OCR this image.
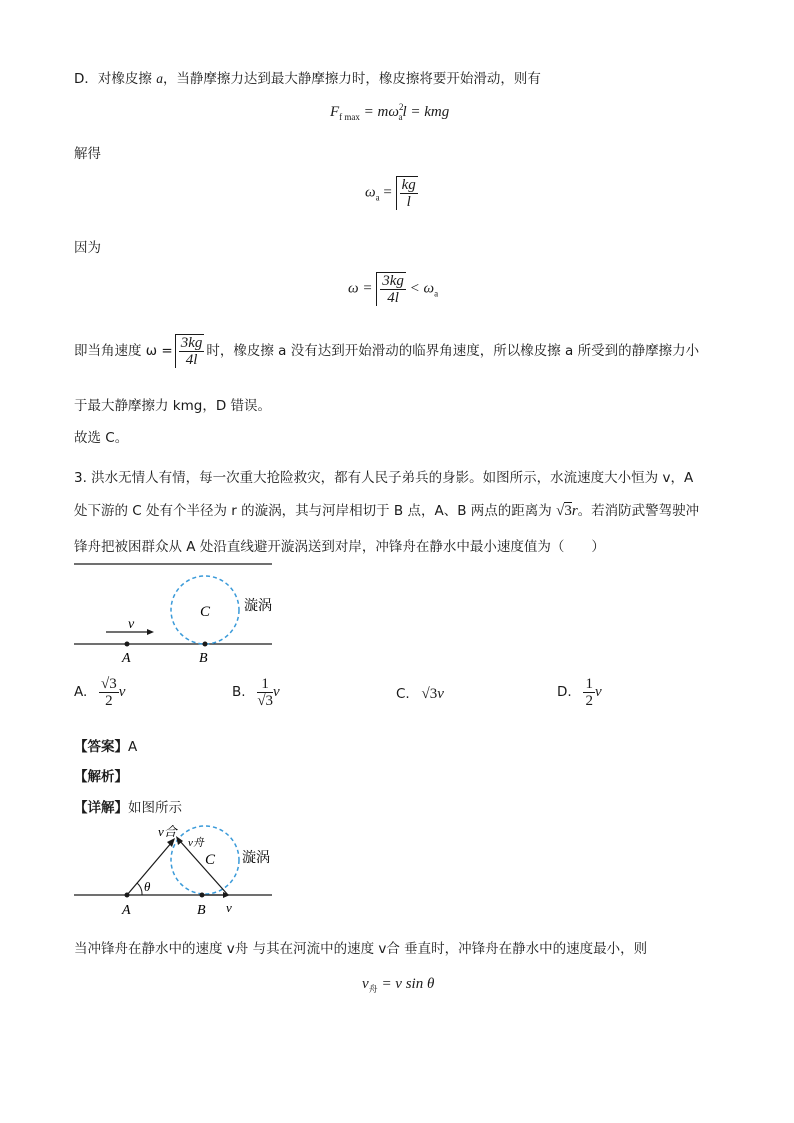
D．对橡皮擦 a，当静摩擦力达到最大静摩擦力时，橡皮擦将要开始滑动，则有
$F_{f max} = m\omega^2_al$ = kmg
解得
$\omega_a = \frac{kg}{l}$
因为
$\omega = \frac{3kg}{4l} < \omega_a$
即当角速度 $\omega = \frac{3kg}{4l}$ 时，橡皮擦 a 没有达到开始滑动的临界角速度，所以橡皮擦 a 所受到的静摩擦力小
于最大静摩擦力 kmg，D 错误。
故选 C。
3. 洪水无情人有情，每一次重大抢险救灾，都有人民子弟兵的身影。如图所示，水流速度大小恒为 v，A
处下游的 C 处有个半径为 r 的漩涡，其与河岸相切于 B 点，A、B 两点的距离为 √3r。若消防武警驾驶冲
锋舟把被困群众从 A 处沿直线避开漩涡送到对岸，冲锋舟在静水中最小速度值为（　　）
v
C 漩涡
A	B
A. $\frac{√3}{2}$ v	B. $\frac{1}{√3}$ v	C. √3v	D. $\frac{1}{2}$ v
【答案】A
【解析】
【详解】如图所示
θ
v合
v舟
C 漩涡
A	B v
当冲锋舟在静水中的速度 v舟 与其在河流中的速度 v合 垂直时，冲锋舟在静水中的速度最小，则
$v_舟 = v$ sin θ
